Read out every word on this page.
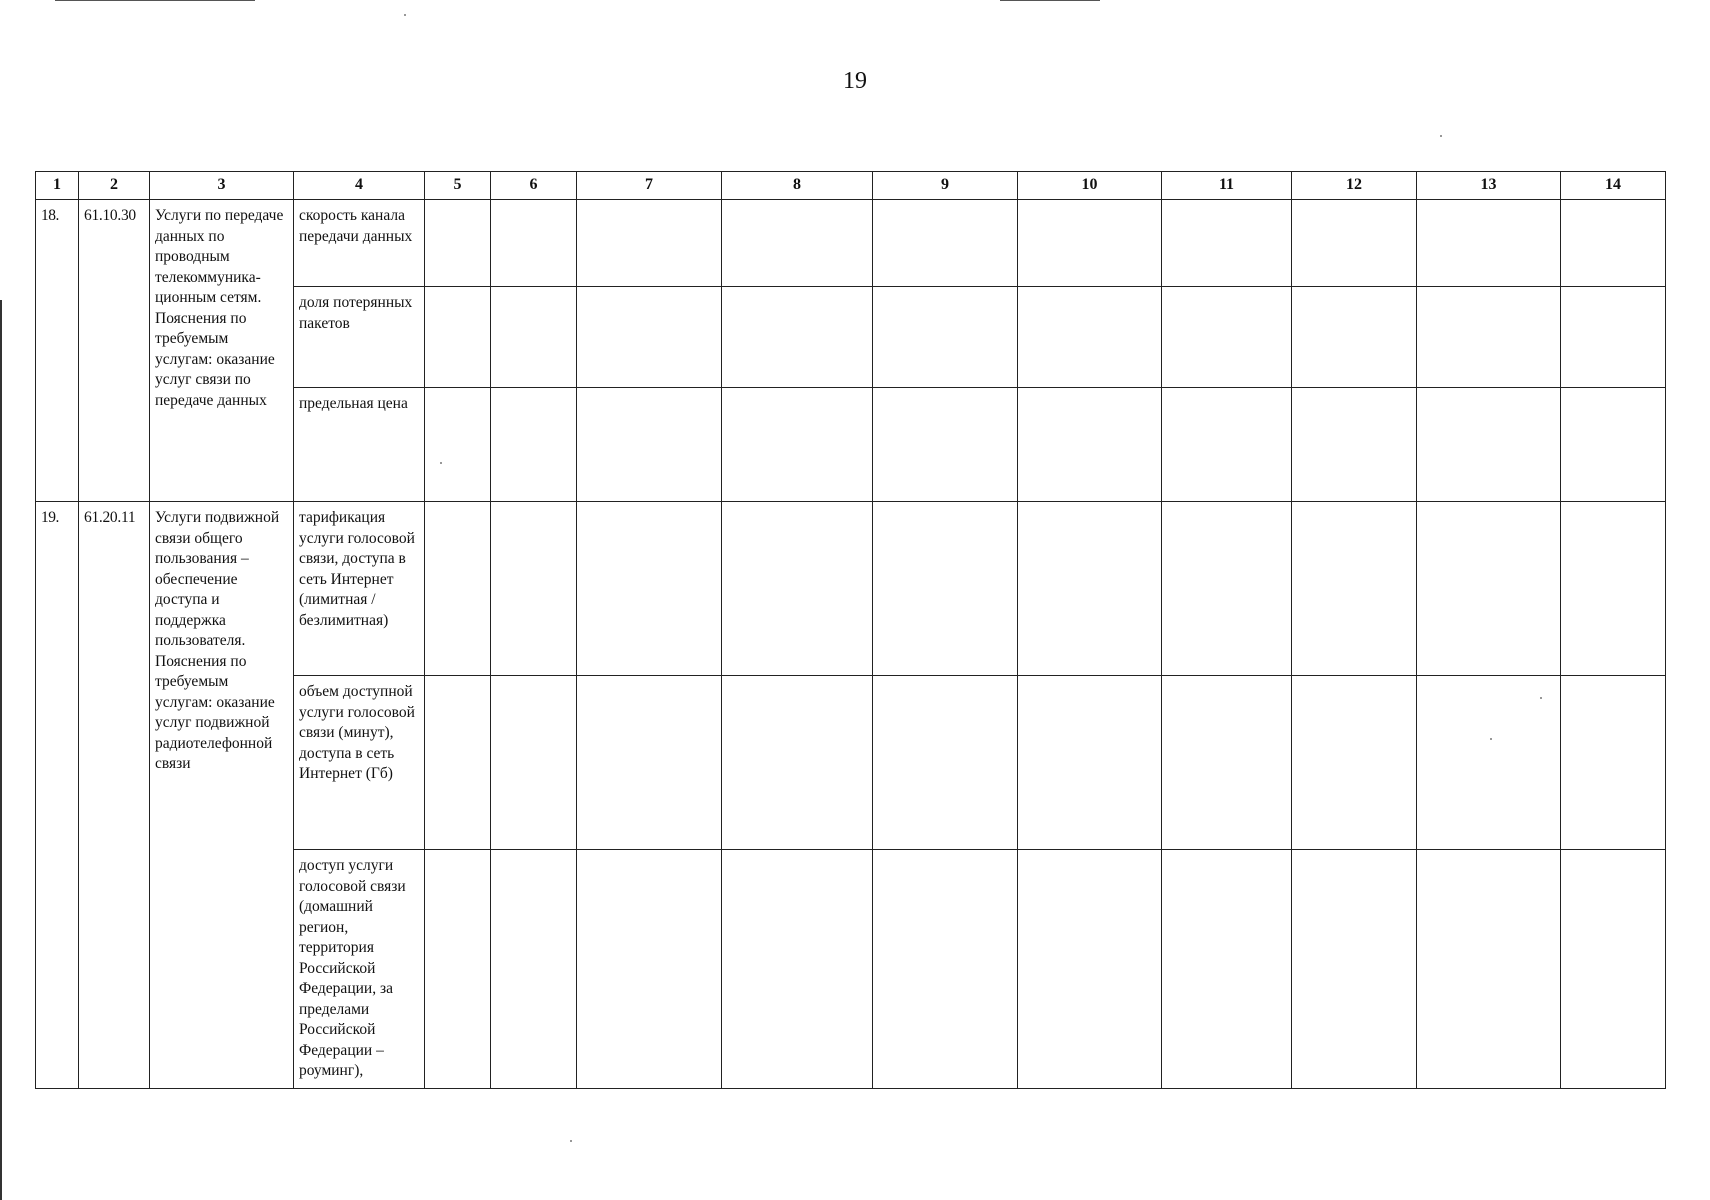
19
1	2	3	4	5	6	7	8	9	10	11	12	13	14
18.	61.10.30	Услуги по передаче данных по проводным телекоммуника-ционным сетям. Пояснения по требуемым услугам: оказание услуг связи по передаче данных	скорость канала передачи данных										
			доля потерянных пакетов										
			предельная цена										
19.	61.20.11	Услуги подвижной связи общего пользования – обеспечение доступа и поддержка пользователя. Пояснения по требуемым услугам: оказание услуг подвижной радиотелефонной связи	тарификация услуги голосовой связи, доступа в сеть Интернет (лимитная / безлимитная)										
			объем доступной услуги голосовой связи (минут), доступа в сеть Интернет (Гб)										
			доступ услуги голосовой связи (домашний регион, территория Российской Федерации, за пределами Российской Федерации – роуминг),										
